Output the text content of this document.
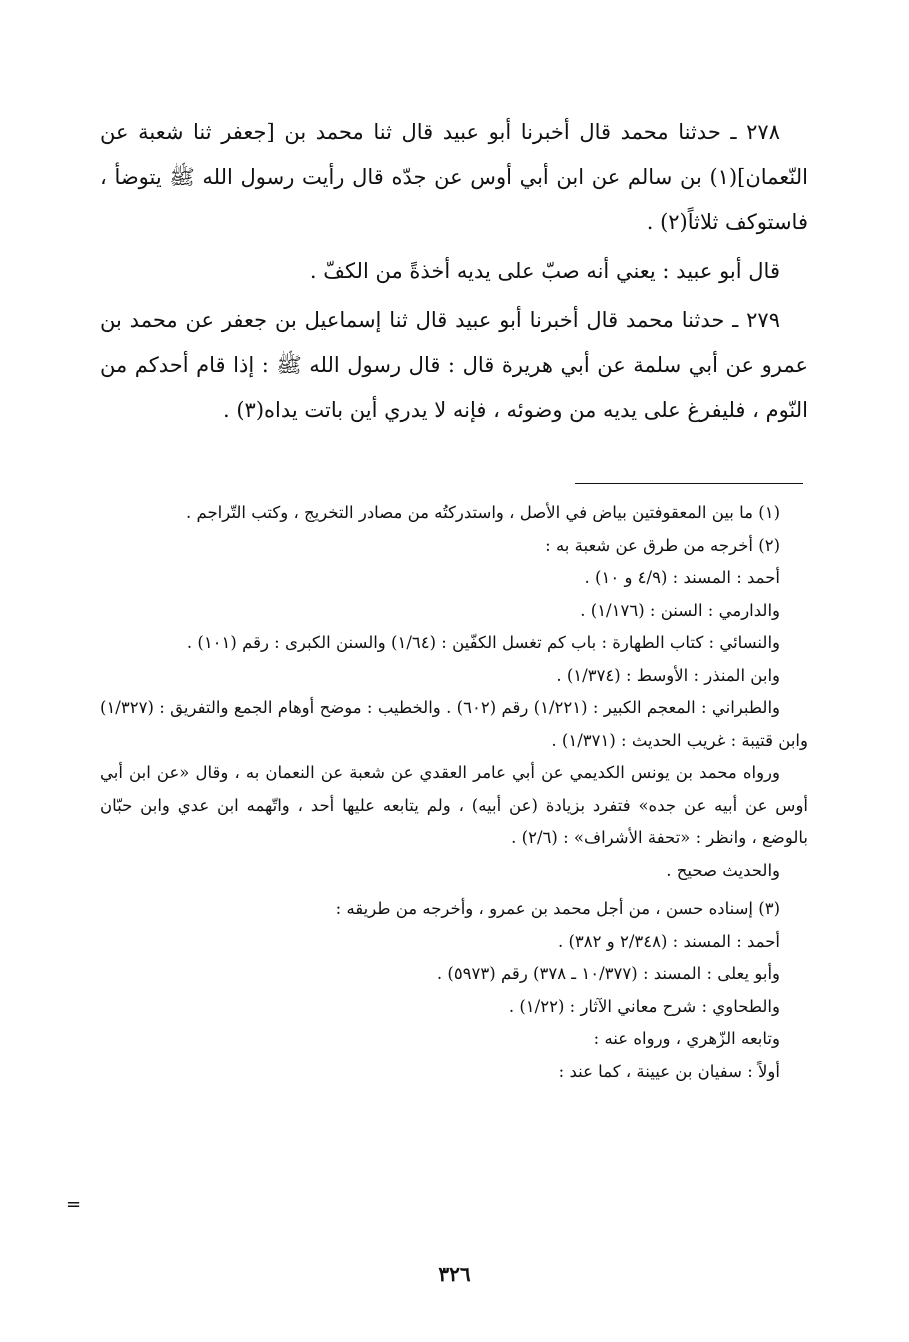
٢٧٨ ـ حدثنا محمد قال أخبرنا أبو عبيد قال ثنا محمد بن [جعفر ثنا شعبة عن النّعمان](١) بن سالم عن ابن أبي أوس عن جدّه قال رأيت رسول الله ﷺ يتوضأ ، فاستوكف ثلاثاً(٢) .

قال أبو عبيد : يعني أنه صبّ على يديه أخذةً من الكفّ .

٢٧٩ ـ حدثنا محمد قال أخبرنا أبو عبيد قال ثنا إسماعيل بن جعفر عن محمد بن عمرو عن أبي سلمة عن أبي هريرة قال : قال رسول الله ﷺ : إذا قام أحدكم من النّوم ، فليفرغ على يديه من وضوئه ، فإنه لا يدري أين باتت يداه(٣) .

(١) ما بين المعقوفتين بياض في الأصل ، واستدركتُه من مصادر التخريج ، وكتب التّراجم .

(٢) أخرجه من طرق عن شعبة به :

أحمد : المسند : (٤/٩ و ١٠) .

والدارمي : السنن : (١/١٧٦) .

والنسائي : كتاب الطهارة : باب كم تغسل الكفّين : (١/٦٤) والسنن الكبرى : رقم (١٠١) .

وابن المنذر : الأوسط : (١/٣٧٤) .

والطبراني : المعجم الكبير : (١/٢٢١) رقم (٦٠٢) . والخطيب : موضح أوهام الجمع والتفريق : (١/٣٢٧) وابن قتيبة : غريب الحديث : (١/٣٧١) .

ورواه محمد بن يونس الكديمي عن أبي عامر العقدي عن شعبة عن النعمان به ، وقال «عن ابن أبي أوس عن أبيه عن جده» فتفرد بزيادة (عن أبيه) ، ولم يتابعه عليها أحد ، واتّهمه ابن عدي وابن حبّان بالوضع ، وانظر : «تحفة الأشراف» : (٢/٦) .

والحديث صحيح .

(٣) إسناده حسن ، من أجل محمد بن عمرو ، وأخرجه من طريقه :

أحمد : المسند : (٢/٣٤٨ و ٣٨٢) .

وأبو يعلى : المسند : (١٠/٣٧٧ ـ ٣٧٨) رقم (٥٩٧٣) .

والطحاوي : شرح معاني الآثار : (١/٢٢) .

وتابعه الزّهري ، ورواه عنه :

أولاً : سفيان بن عيينة ، كما عند :

=
٣٢٦
